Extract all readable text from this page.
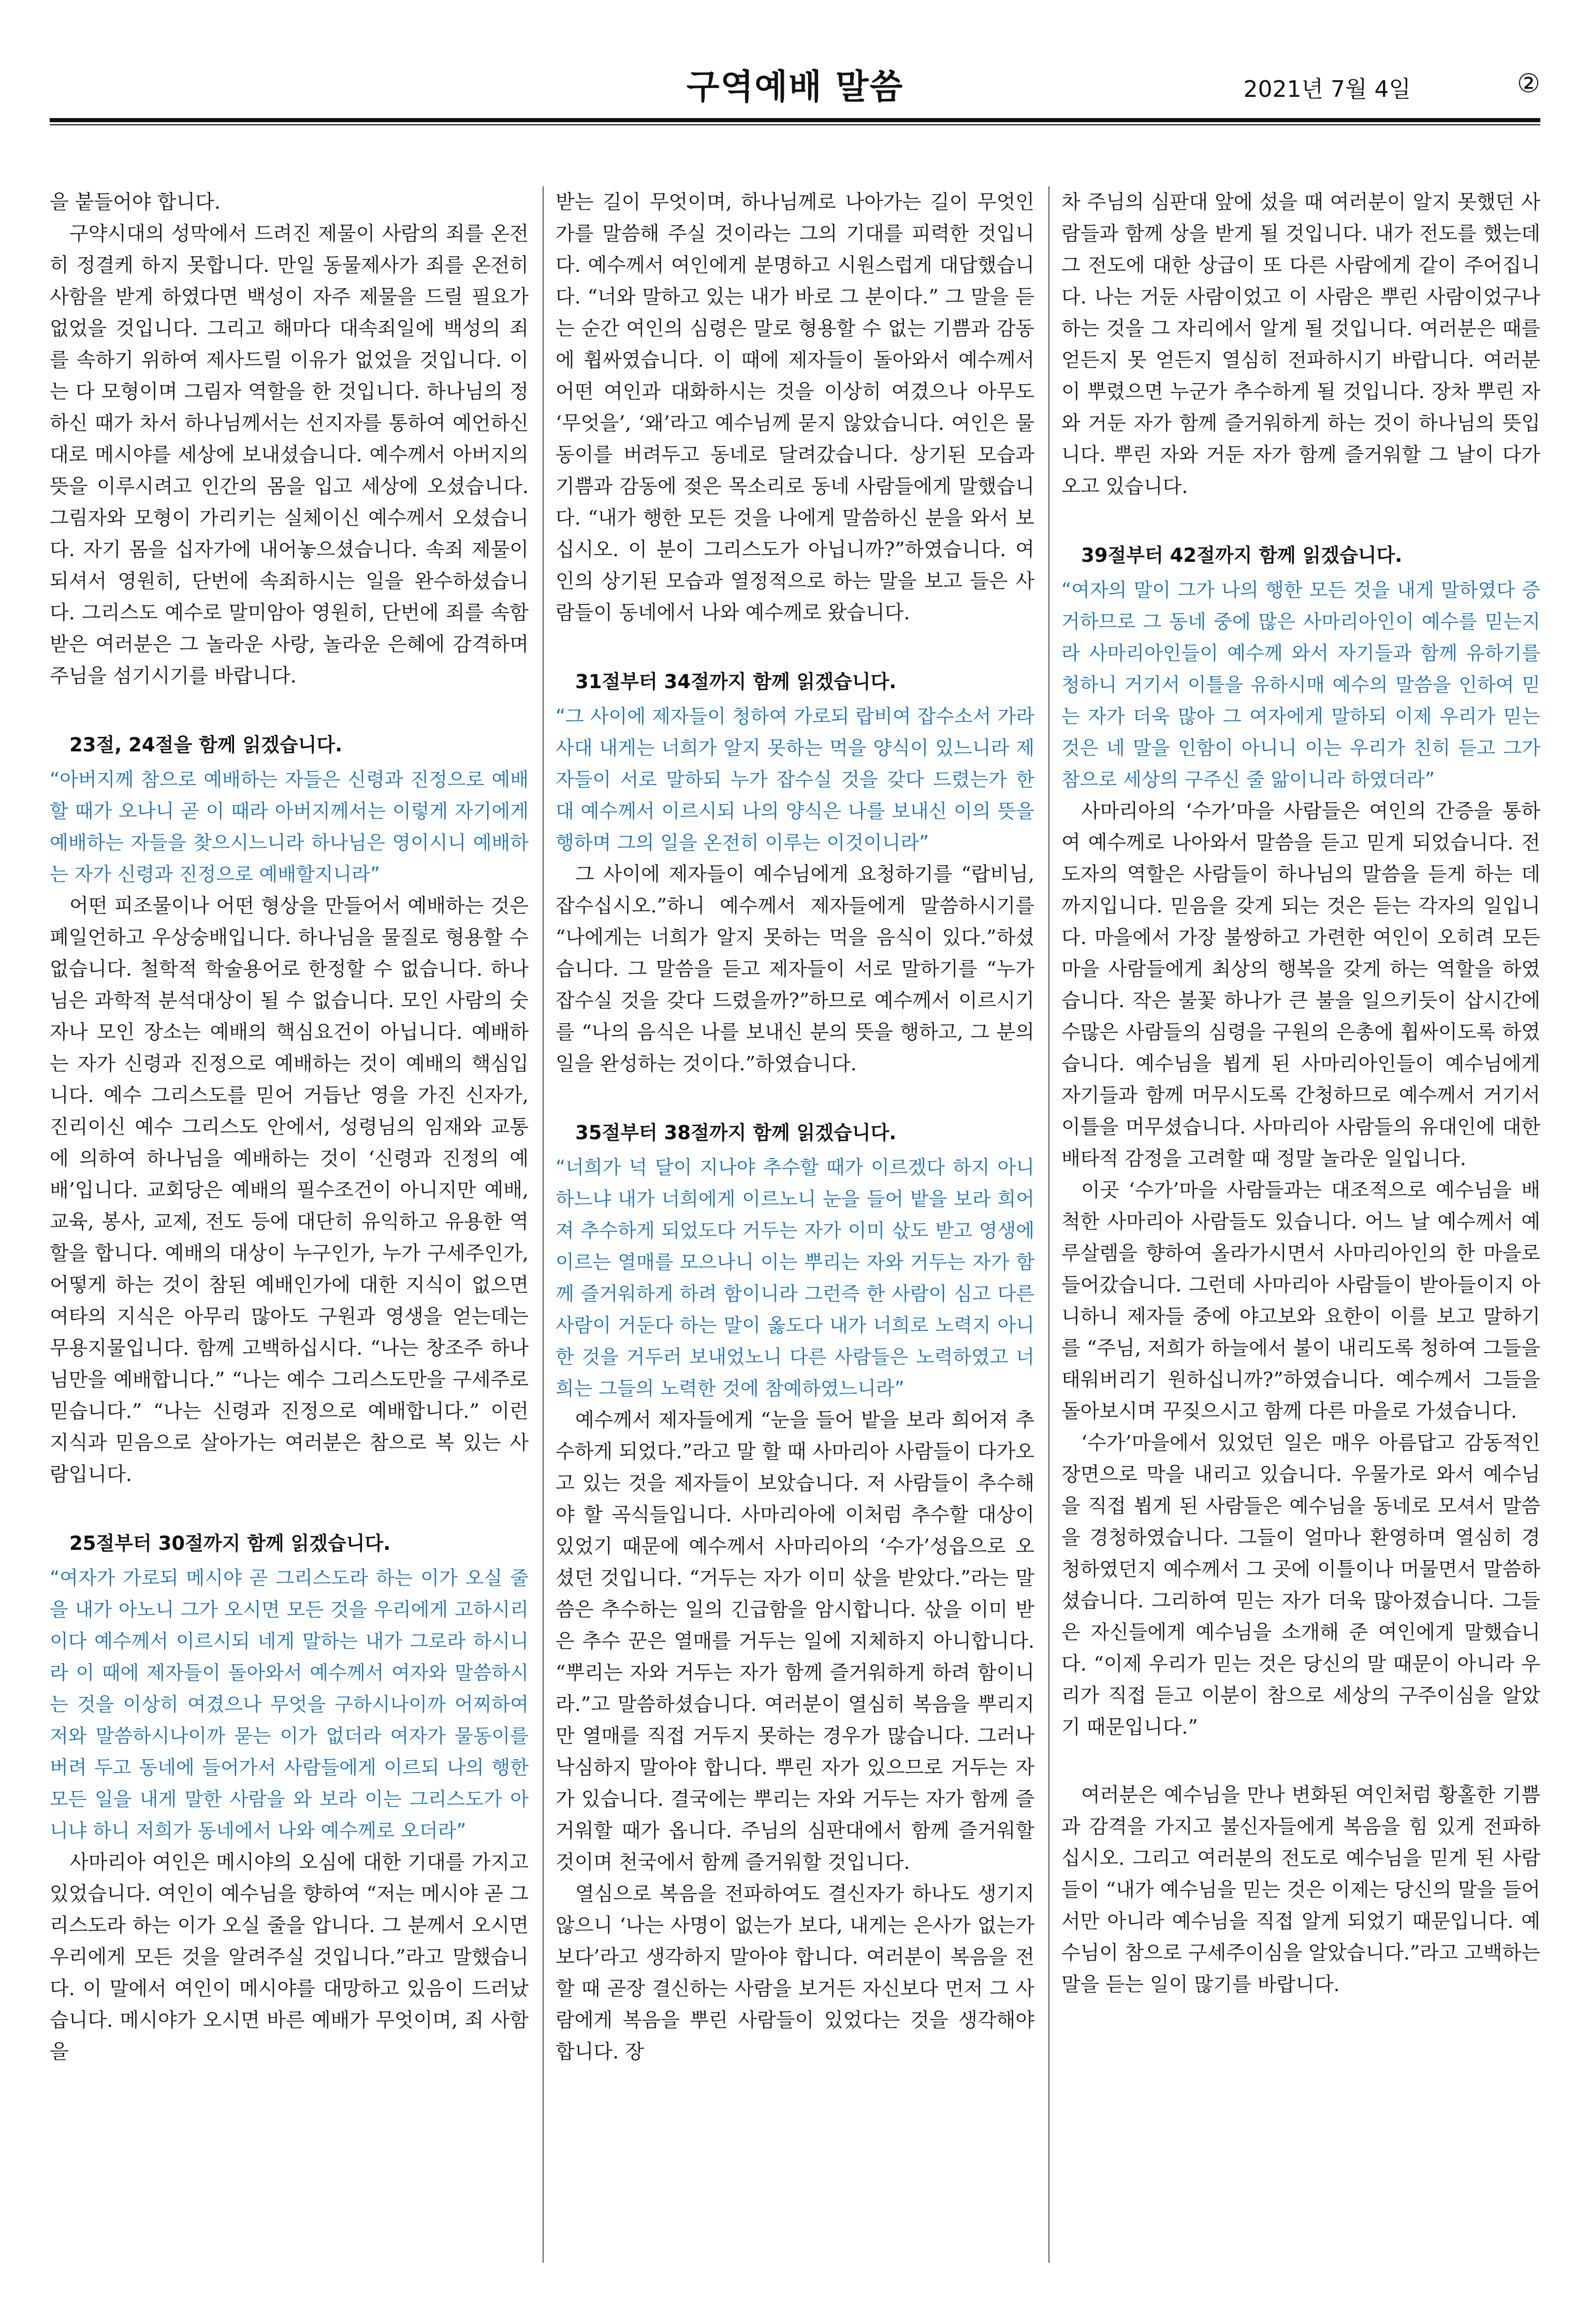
구역예배 말씀	2021년 7월 4일	②

을 붙들어야 합니다.

구약시대의 성막에서 드려진 제물이 사람의 죄를 온전히 정결케 하지 못합니다. 만일 동물제사가 죄를 온전히 사함을 받게 하였다면 백성이 자주 제물을 드릴 필요가 없었을 것입니다. 그리고 해마다 대속죄일에 백성의 죄를 속하기 위하여 제사드릴 이유가 없었을 것입니다. 이는 다 모형이며 그림자 역할을 한 것입니다. 하나님의 정하신 때가 차서 하나님께서는 선지자를 통하여 예언하신 대로 메시야를 세상에 보내셨습니다. 예수께서 아버지의 뜻을 이루시려고 인간의 몸을 입고 세상에 오셨습니다. 그림자와 모형이 가리키는 실체이신 예수께서 오셨습니다. 자기 몸을 십자가에 내어놓으셨습니다. 속죄 제물이 되셔서 영원히, 단번에 속죄하시는 일을 완수하셨습니다. 그리스도 예수로 말미암아 영원히, 단번에 죄를 속함 받은 여러분은 그 놀라운 사랑, 놀라운 은혜에 감격하며 주님을 섬기시기를 바랍니다.

23절, 24절을 함께 읽겠습니다.
“아버지께 참으로 예배하는 자들은 신령과 진정으로 예배할 때가 오나니 곧 이 때라 아버지께서는 이렇게 자기에게 예배하는 자들을 찾으시느니라 하나님은 영이시니 예배하는 자가 신령과 진정으로 예배할지니라”

어떤 피조물이나 어떤 형상을 만들어서 예배하는 것은 폐일언하고 우상숭배입니다. 하나님을 물질로 형용할 수 없습니다. 철학적 학술용어로 한정할 수 없습니다. 하나님은 과학적 분석대상이 될 수 없습니다. 모인 사람의 숫자나 모인 장소는 예배의 핵심요건이 아닙니다. 예배하는 자가 신령과 진정으로 예배하는 것이 예배의 핵심입니다. 예수 그리스도를 믿어 거듭난 영을 가진 신자가, 진리이신 예수 그리스도 안에서, 성령님의 임재와 교통에 의하여 하나님을 예배하는 것이 ‘신령과 진정의 예배’입니다. 교회당은 예배의 필수조건이 아니지만 예배, 교육, 봉사, 교제, 전도 등에 대단히 유익하고 유용한 역할을 합니다. 예배의 대상이 누구인가, 누가 구세주인가, 어떻게 하는 것이 참된 예배인가에 대한 지식이 없으면 여타의 지식은 아무리 많아도 구원과 영생을 얻는데는 무용지물입니다. 함께 고백하십시다. “나는 창조주 하나님만을 예배합니다.” “나는 예수 그리스도만을 구세주로 믿습니다.” “나는 신령과 진정으로 예배합니다.” 이런 지식과 믿음으로 살아가는 여러분은 참으로 복 있는 사람입니다.

25절부터 30절까지 함께 읽겠습니다.
“여자가 가로되 메시야 곧 그리스도라 하는 이가 오실 줄을 내가 아노니 그가 오시면 모든 것을 우리에게 고하시리이다 예수께서 이르시되 네게 말하는 내가 그로라 하시니라 이 때에 제자들이 돌아와서 예수께서 여자와 말씀하시는 것을 이상히 여겼으나 무엇을 구하시나이까 어찌하여 저와 말씀하시나이까 묻는 이가 없더라 여자가 물동이를 버려 두고 동네에 들어가서 사람들에게 이르되 나의 행한 모든 일을 내게 말한 사람을 와 보라 이는 그리스도가 아니냐 하니 저희가 동네에서 나와 예수께로 오더라”

사마리아 여인은 메시야의 오심에 대한 기대를 가지고 있었습니다. 여인이 예수님을 향하여 “저는 메시야 곧 그리스도라 하는 이가 오실 줄을 압니다. 그 분께서 오시면 우리에게 모든 것을 알려주실 것입니다.”라고 말했습니다. 이 말에서 여인이 메시야를 대망하고 있음이 드러났습니다. 메시야가 오시면 바른 예배가 무엇이며, 죄 사함을

받는 길이 무엇이며, 하나님께로 나아가는 길이 무엇인가를 말씀해 주실 것이라는 그의 기대를 피력한 것입니다. 예수께서 여인에게 분명하고 시원스럽게 대답했습니다. “너와 말하고 있는 내가 바로 그 분이다.” 그 말을 듣는 순간 여인의 심령은 말로 형용할 수 없는 기쁨과 감동에 휩싸였습니다. 이 때에 제자들이 돌아와서 예수께서 어떤 여인과 대화하시는 것을 이상히 여겼으나 아무도 ‘무엇을’, ‘왜’라고 예수님께 묻지 않았습니다. 여인은 물동이를 버려두고 동네로 달려갔습니다. 상기된 모습과 기쁨과 감동에 젖은 목소리로 동네 사람들에게 말했습니다. “내가 행한 모든 것을 나에게 말씀하신 분을 와서 보십시오. 이 분이 그리스도가 아닙니까?”하였습니다. 여인의 상기된 모습과 열정적으로 하는 말을 보고 들은 사람들이 동네에서 나와 예수께로 왔습니다.

31절부터 34절까지 함께 읽겠습니다.
“그 사이에 제자들이 청하여 가로되 랍비여 잡수소서 가라사대 내게는 너희가 알지 못하는 먹을 양식이 있느니라 제자들이 서로 말하되 누가 잡수실 것을 갖다 드렸는가 한 대 예수께서 이르시되 나의 양식은 나를 보내신 이의 뜻을 행하며 그의 일을 온전히 이루는 이것이니라”

그 사이에 제자들이 예수님에게 요청하기를 “랍비님, 잡수십시오.”하니 예수께서 제자들에게 말씀하시기를 “나에게는 너희가 알지 못하는 먹을 음식이 있다.”하셨습니다. 그 말씀을 듣고 제자들이 서로 말하기를 “누가 잡수실 것을 갖다 드렸을까?”하므로 예수께서 이르시기를 “나의 음식은 나를 보내신 분의 뜻을 행하고, 그 분의 일을 완성하는 것이다.”하였습니다.

35절부터 38절까지 함께 읽겠습니다.
“너희가 넉 달이 지나야 추수할 때가 이르겠다 하지 아니하느냐 내가 너희에게 이르노니 눈을 들어 밭을 보라 희어져 추수하게 되었도다 거두는 자가 이미 삯도 받고 영생에 이르는 열매를 모으나니 이는 뿌리는 자와 거두는 자가 함께 즐거워하게 하려 함이니라 그런즉 한 사람이 심고 다른 사람이 거둔다 하는 말이 옳도다 내가 너희로 노력지 아니한 것을 거두러 보내었노니 다른 사람들은 노력하였고 너희는 그들의 노력한 것에 참예하였느니라”

예수께서 제자들에게 “눈을 들어 밭을 보라 희어져 추수하게 되었다.”라고 말 할 때 사마리아 사람들이 다가오고 있는 것을 제자들이 보았습니다. 저 사람들이 추수해야 할 곡식들입니다. 사마리아에 이처럼 추수할 대상이 있었기 때문에 예수께서 사마리아의 ‘수가’성읍으로 오셨던 것입니다. “거두는 자가 이미 삯을 받았다.”라는 말씀은 추수하는 일의 긴급함을 암시합니다. 삯을 이미 받은 추수 꾼은 열매를 거두는 일에 지체하지 아니합니다. “뿌리는 자와 거두는 자가 함께 즐거워하게 하려 함이니라.”고 말씀하셨습니다. 여러분이 열심히 복음을 뿌리지만 열매를 직접 거두지 못하는 경우가 많습니다. 그러나 낙심하지 말아야 합니다. 뿌린 자가 있으므로 거두는 자가 있습니다. 결국에는 뿌리는 자와 거두는 자가 함께 즐거워할 때가 옵니다. 주님의 심판대에서 함께 즐거워할 것이며 천국에서 함께 즐거워할 것입니다.

열심으로 복음을 전파하여도 결신자가 하나도 생기지 않으니 ‘나는 사명이 없는가 보다, 내게는 은사가 없는가 보다’라고 생각하지 말아야 합니다. 여러분이 복음을 전할 때 곧장 결신하는 사람을 보거든 자신보다 먼저 그 사람에게 복음을 뿌린 사람들이 있었다는 것을 생각해야 합니다. 장

차 주님의 심판대 앞에 섰을 때 여러분이 알지 못했던 사람들과 함께 상을 받게 될 것입니다. 내가 전도를 했는데 그 전도에 대한 상급이 또 다른 사람에게 같이 주어집니다. 나는 거둔 사람이었고 이 사람은 뿌린 사람이었구나 하는 것을 그 자리에서 알게 될 것입니다. 여러분은 때를 얻든지 못 얻든지 열심히 전파하시기 바랍니다. 여러분이 뿌렸으면 누군가 추수하게 될 것입니다. 장차 뿌린 자와 거둔 자가 함께 즐거워하게 하는 것이 하나님의 뜻입니다. 뿌린 자와 거둔 자가 함께 즐거워할 그 날이 다가오고 있습니다.

39절부터 42절까지 함께 읽겠습니다.
“여자의 말이 그가 나의 행한 모든 것을 내게 말하였다 증거하므로 그 동네 중에 많은 사마리아인이 예수를 믿는지라 사마리아인들이 예수께 와서 자기들과 함께 유하기를 청하니 거기서 이틀을 유하시매 예수의 말씀을 인하여 믿는 자가 더욱 많아 그 여자에게 말하되 이제 우리가 믿는 것은 네 말을 인함이 아니니 이는 우리가 친히 듣고 그가 참으로 세상의 구주신 줄 앎이니라 하였더라”

사마리아의 ‘수가’마을 사람들은 여인의 간증을 통하여 예수께로 나아와서 말씀을 듣고 믿게 되었습니다. 전도자의 역할은 사람들이 하나님의 말씀을 듣게 하는 데까지입니다. 믿음을 갖게 되는 것은 듣는 각자의 일입니다. 마을에서 가장 불쌍하고 가련한 여인이 오히려 모든 마을 사람들에게 최상의 행복을 갖게 하는 역할을 하였습니다. 작은 불꽃 하나가 큰 불을 일으키듯이 삽시간에 수많은 사람들의 심령을 구원의 은총에 휩싸이도록 하였습니다. 예수님을 뵙게 된 사마리아인들이 예수님에게 자기들과 함께 머무시도록 간청하므로 예수께서 거기서 이틀을 머무셨습니다. 사마리아 사람들의 유대인에 대한 배타적 감정을 고려할 때 정말 놀라운 일입니다.

이곳 ‘수가’마을 사람들과는 대조적으로 예수님을 배척한 사마리아 사람들도 있습니다. 어느 날 예수께서 예루살렘을 향하여 올라가시면서 사마리아인의 한 마을로 들어갔습니다. 그런데 사마리아 사람들이 받아들이지 아니하니 제자들 중에 야고보와 요한이 이를 보고 말하기를 “주님, 저희가 하늘에서 불이 내리도록 청하여 그들을 태워버리기 원하십니까?”하였습니다. 예수께서 그들을 돌아보시며 꾸짖으시고 함께 다른 마을로 가셨습니다.

‘수가’마을에서 있었던 일은 매우 아름답고 감동적인 장면으로 막을 내리고 있습니다. 우물가로 와서 예수님을 직접 뵙게 된 사람들은 예수님을 동네로 모셔서 말씀을 경청하였습니다. 그들이 얼마나 환영하며 열심히 경청하였던지 예수께서 그 곳에 이틀이나 머물면서 말씀하셨습니다. 그리하여 믿는 자가 더욱 많아졌습니다. 그들은 자신들에게 예수님을 소개해 준 여인에게 말했습니다. “이제 우리가 믿는 것은 당신의 말 때문이 아니라 우리가 직접 듣고 이분이 참으로 세상의 구주이심을 알았기 때문입니다.”

여러분은 예수님을 만나 변화된 여인처럼 황홀한 기쁨과 감격을 가지고 불신자들에게 복음을 힘 있게 전파하십시오. 그리고 여러분의 전도로 예수님을 믿게 된 사람들이 “내가 예수님을 믿는 것은 이제는 당신의 말을 들어서만 아니라 예수님을 직접 알게 되었기 때문입니다. 예수님이 참으로 구세주이심을 알았습니다.”라고 고백하는 말을 듣는 일이 많기를 바랍니다.
